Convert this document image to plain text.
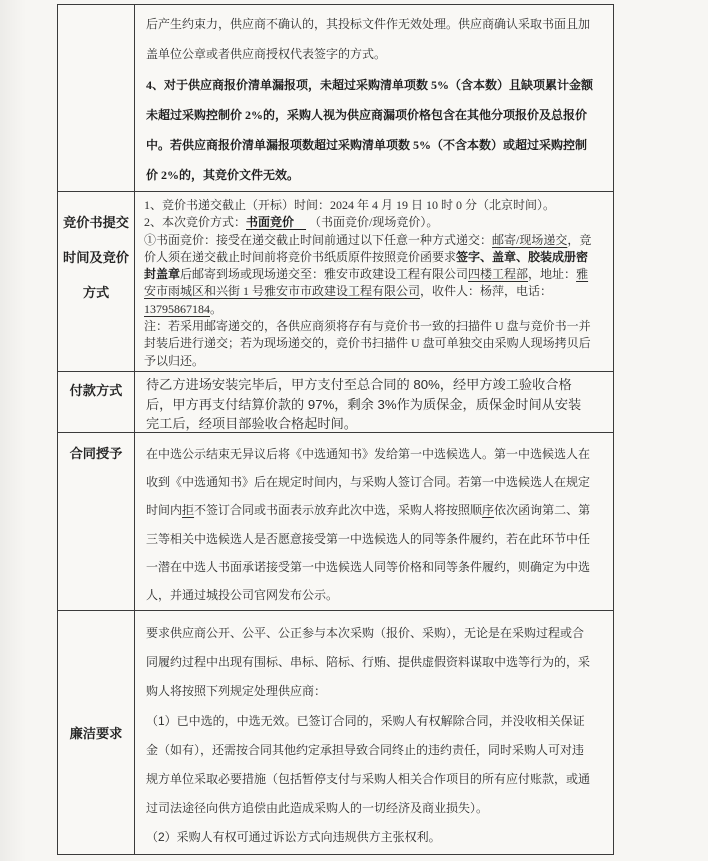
后产生约束力，供应商不确认的，其投标文件作无效处理。供应商确认采取书面且加
盖单位公章或者供应商授权代表签字的方式。
4、对于供应商报价清单漏报项，未超过采购清单项数 5%（含本数）且缺项累计金额
未超过采购控制价 2%的，采购人视为供应商漏项价格包含在其他分项报价及总报价
中。若供应商报价清单漏报项数超过采购清单项数 5%（不含本数）或超过采购控制
价 2%的，其竞价文件无效。
竞价书提交
时间及竞价
方式
1、竞价书递交截止（开标）时间：2024 年 4 月 19 日 10 时 0 分（北京时间）。
2、本次竞价方式：书面竞价　 （书面竞价/现场竞价）。
①书面竞价：接受在递交截止时间前通过以下任意一种方式递交：邮寄/现场递交，竞
价人须在递交截止时间前将竞价书纸质原件按照竞价函要求签字、盖章、胶装成册密
封盖章后邮寄到场或现场递交至：雅安市政建设工程有限公司四楼工程部，地址：雅
安市雨城区和兴街 1 号雅安市市政建设工程有限公司，收件人：杨萍，电话：
13795867184。
注：若采用邮寄递交的，各供应商须将存有与竞价书一致的扫描件 U 盘与竞价书一并
封装后进行递交；若为现场递交的，竞价书扫描件 U 盘可单独交由采购人现场拷贝后
予以归还。
付款方式	待乙方进场安装完毕后，甲方支付至总合同的 80%，经甲方竣工验收合格
后，甲方再支付结算价款的 97%，剩余 3%作为质保金，质保金时间从安装
完工后，经项目部验收合格起时间。
合同授予	在中选公示结束无异议后将《中选通知书》发给第一中选候选人。第一中选候选人在
收到《中选通知书》后在规定时间内，与采购人签订合同。若第一中选候选人在规定
时间内拒不签订合同或书面表示放弃此次中选，采购人将按照顺序依次函询第二、第
三等相关中选候选人是否愿意接受第一中选候选人的同等条件履约，若在此环节中任
一潜在中选人书面承诺接受第一中选候选人同等价格和同等条件履约，则确定为中选
人，并通过城投公司官网发布公示。
廉洁要求
要求供应商公开、公平、公正参与本次采购（报价、采购），无论是在采购过程或合
同履约过程中出现有围标、串标、陪标、行贿、提供虚假资料谋取中选等行为的，采
购人将按照下列规定处理供应商：
（1）已中选的，中选无效。已签订合同的，采购人有权解除合同，并没收相关保证
金（如有），还需按合同其他约定承担导致合同终止的违约责任，同时采购人可对违
规方单位采取必要措施（包括暂停支付与采购人相关合作项目的所有应付账款，或通
过司法途径向供方追偿由此造成采购人的一切经济及商业损失）。
（2）采购人有权可通过诉讼方式向违规供方主张权利。
